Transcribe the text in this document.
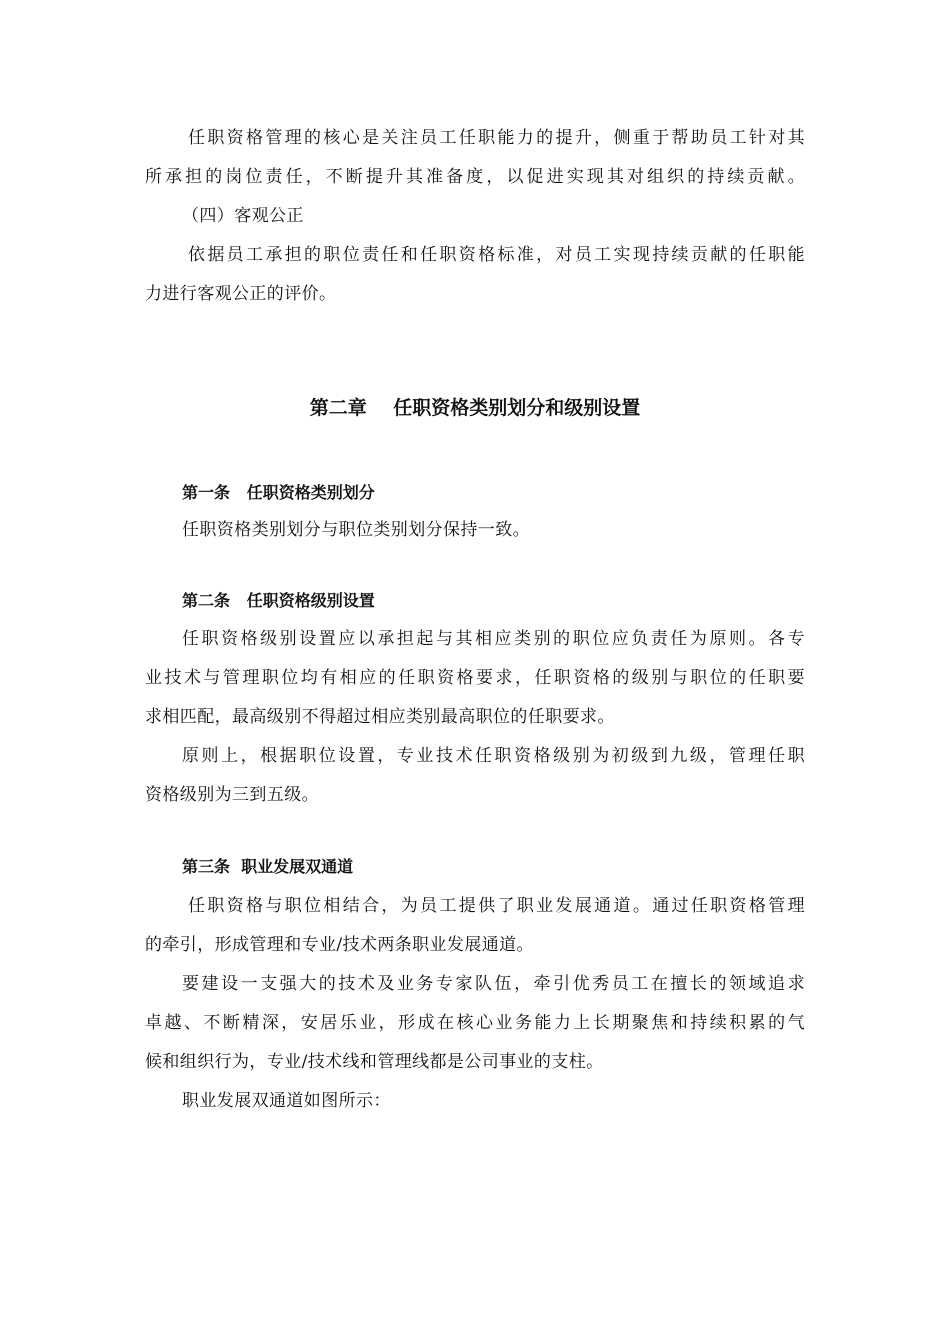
任职资格管理的核心是关注员工任职能力的提升，侧重于帮助员工针对其
所承担的岗位责任，不断提升其准备度，以促进实现其对组织的持续贡献。
（四）客观公正
依据员工承担的职位责任和任职资格标准，对员工实现持续贡献的任职能
力进行客观公正的评价。
第二章    任职资格类别划分和级别设置
第一条   任职资格类别划分
任职资格类别划分与职位类别划分保持一致。
第二条   任职资格级别设置
任职资格级别设置应以承担起与其相应类别的职位应负责任为原则。各专
业技术与管理职位均有相应的任职资格要求，任职资格的级别与职位的任职要
求相匹配，最高级别不得超过相应类别最高职位的任职要求。
原则上，根据职位设置，专业技术任职资格级别为初级到九级，管理任职
资格级别为三到五级。
第三条  职业发展双通道
任职资格与职位相结合，为员工提供了职业发展通道。通过任职资格管理
的牵引，形成管理和专业/技术两条职业发展通道。
要建设一支强大的技术及业务专家队伍，牵引优秀员工在擅长的领域追求
卓越、不断精深，安居乐业，形成在核心业务能力上长期聚焦和持续积累的气
候和组织行为，专业/技术线和管理线都是公司事业的支柱。
职业发展双通道如图所示：
